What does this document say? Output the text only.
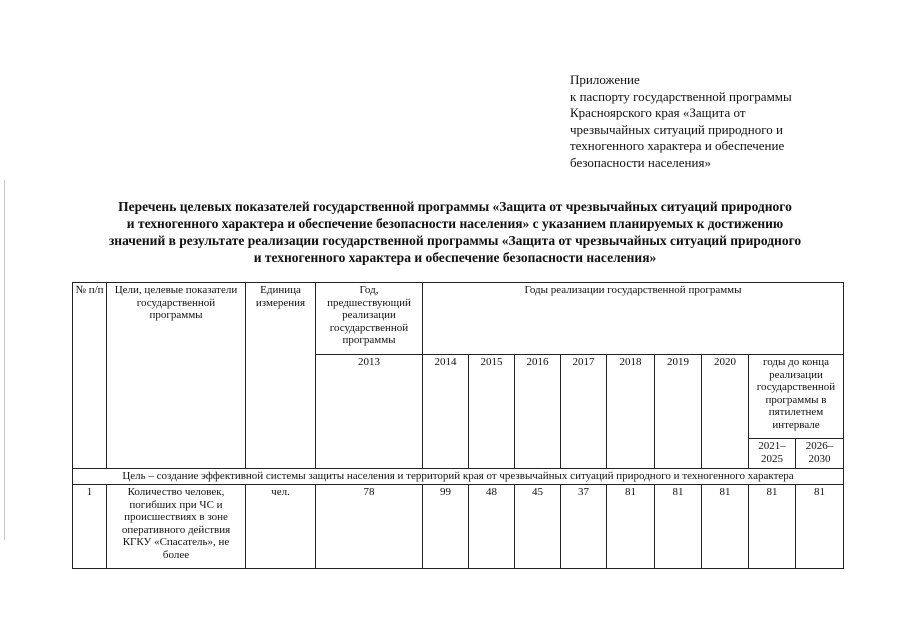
Приложение
к паспорту государственной программы
Красноярского края «Защита от
чрезвычайных ситуаций природного и
техногенного характера и обеспечение
безопасности населения»
Перечень целевых показателей государственной программы «Защита от чрезвычайных ситуаций природного
и техногенного характера и обеспечение безопасности населения» с указанием планируемых к достижению
значений в результате реализации государственной программы «Защита от чрезвычайных ситуаций природного
и техногенного характера и обеспечение безопасности населения»
№ п/п	Цели, целевые показатели государственной программы	Единица измерения	Год, предшествующий реализации государственной программы	Годы реализации государственной программы								
			2013	2014	2015	2016	2017	2018	2019	2020	годы до конца реализации государственной программы в пятилетнем интервале	
											2021–2025	2026–2030
Цель – создание эффективной системы защиты населения и территорий края от чрезвычайных ситуаций природного и техногенного характера												
1	Количество человек, погибших при ЧС и происшествиях в зоне оперативного действия КГКУ «Спасатель», не более	чел.	78	99	48	45	37	81	81	81	81	81
